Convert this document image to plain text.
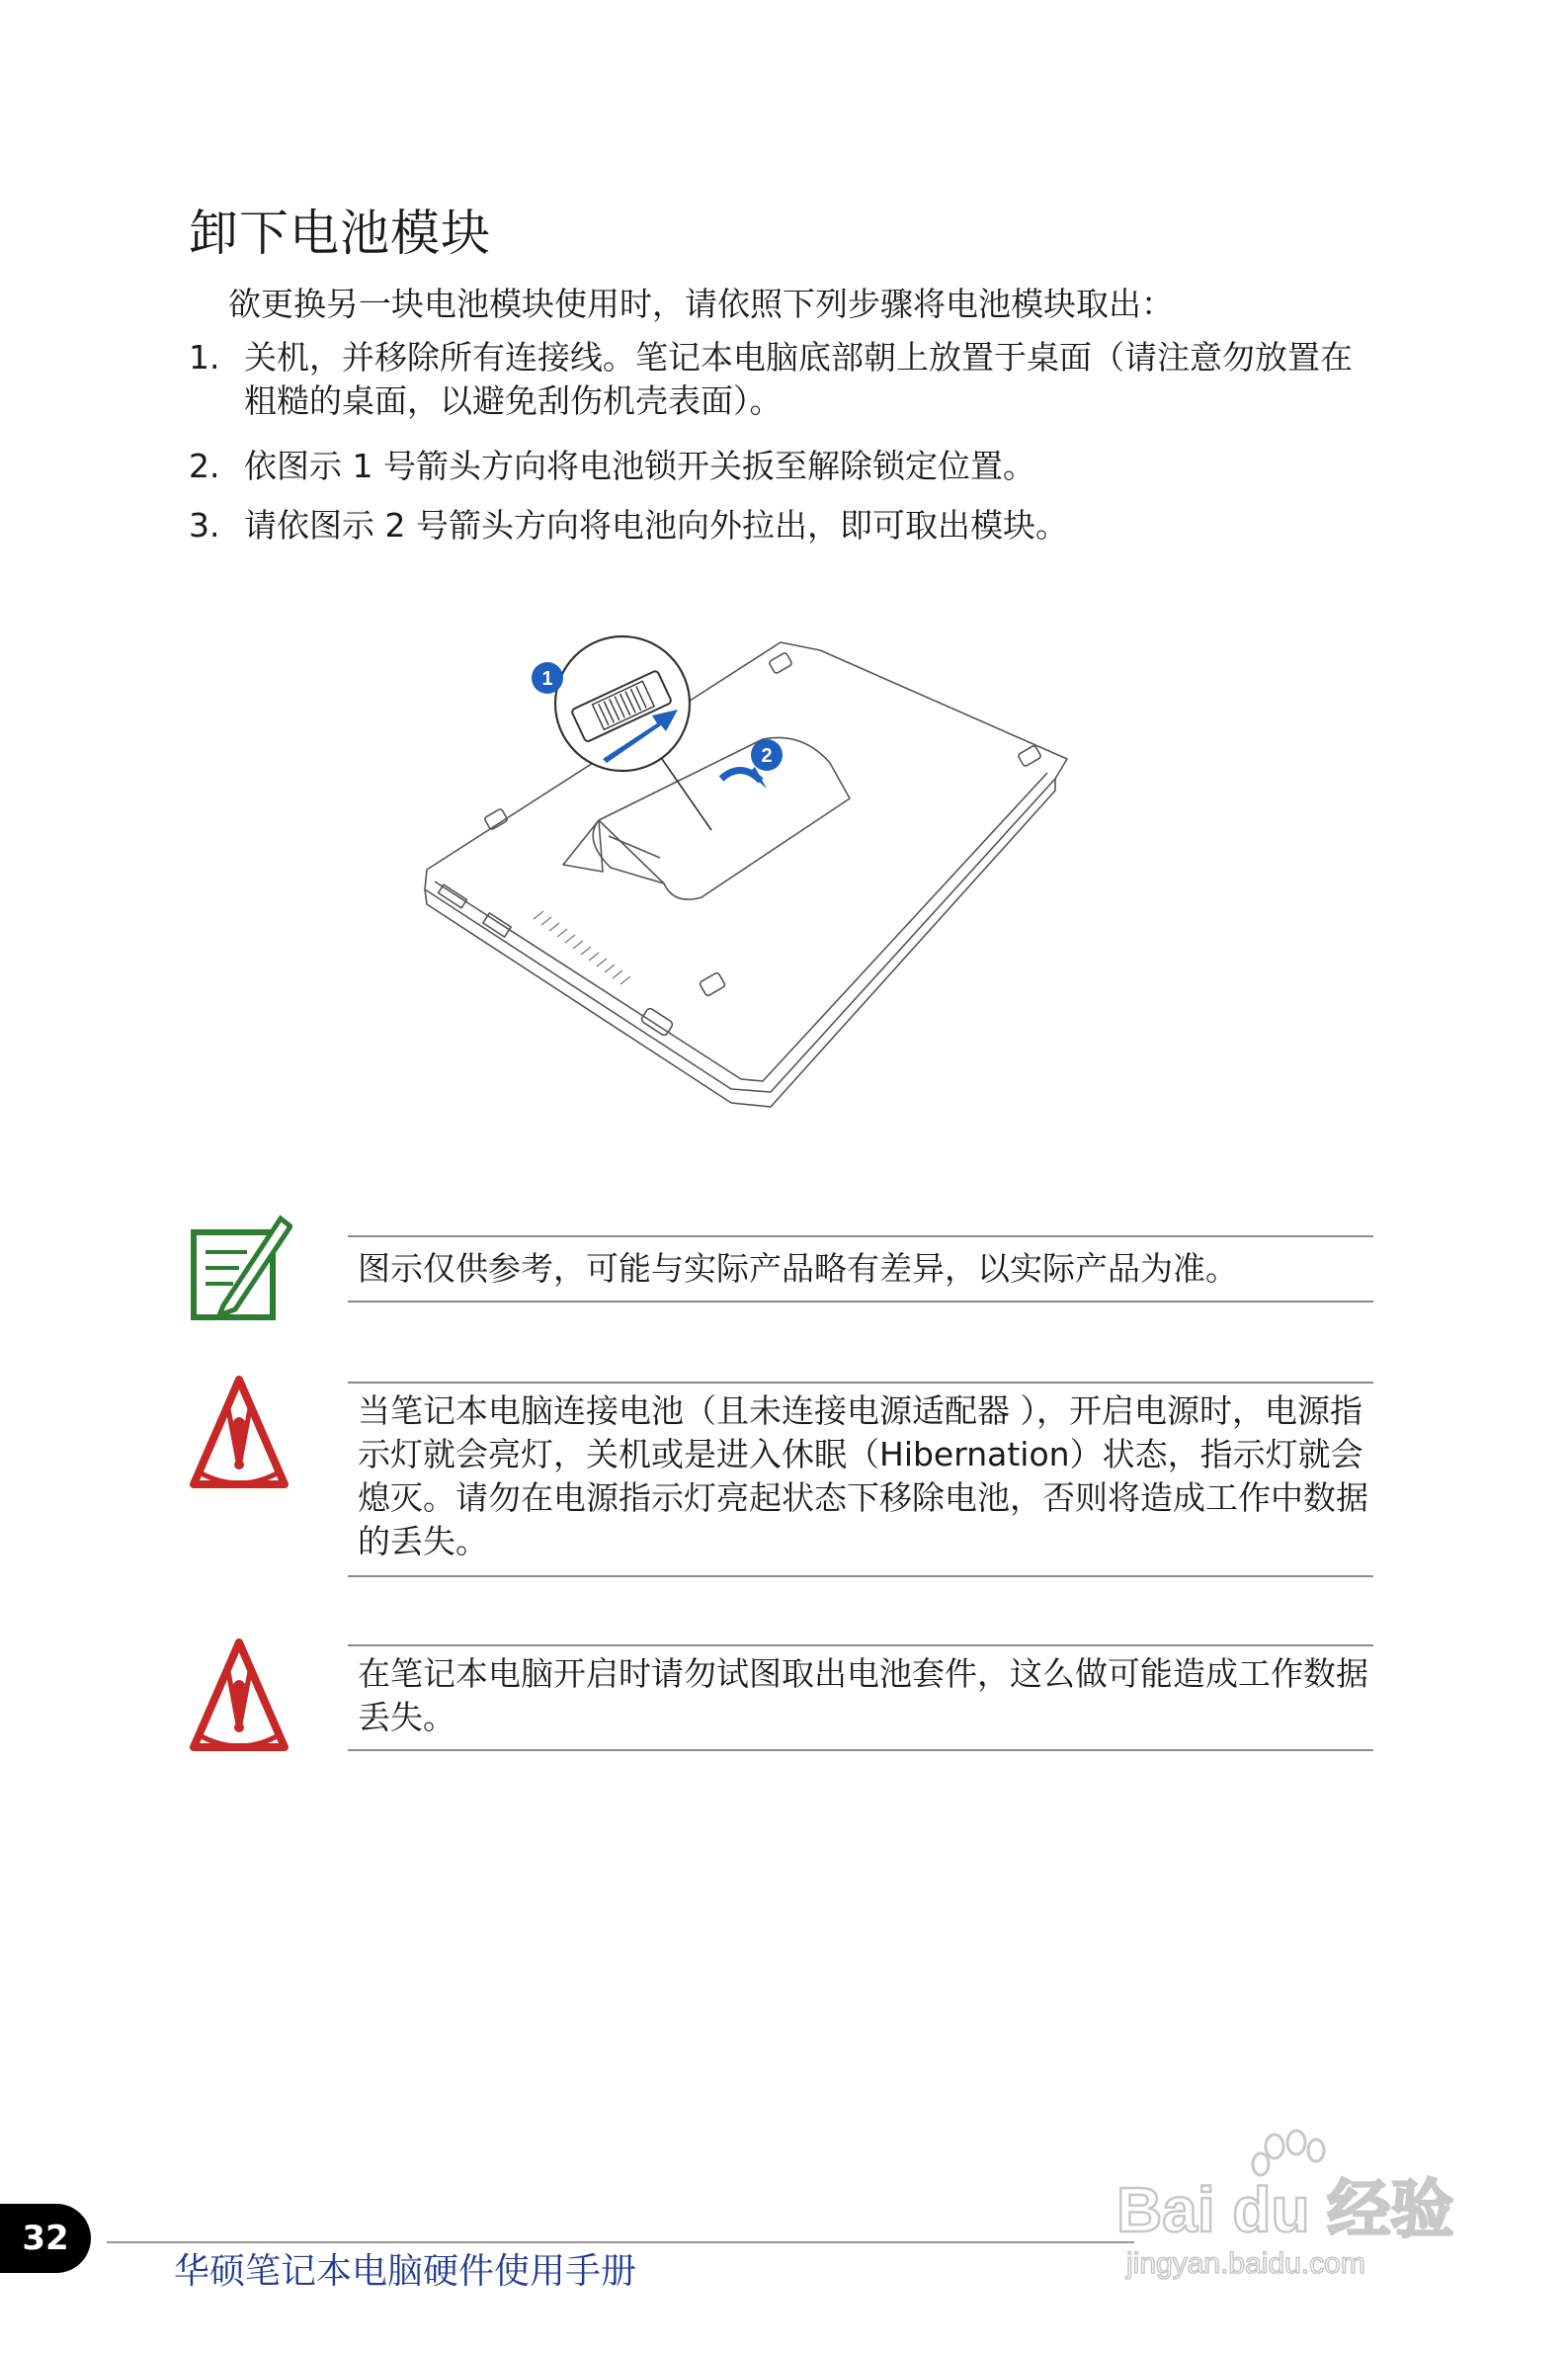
卸下电池模块
欲更换另一块电池模块使用时，请依照下列步骤将电池模块取出：
1. 关机，并移除所有连接线。笔记本电脑底部朝上放置于桌面（请注意勿放置在粗糙的桌面，以避免刮伤机壳表面）。
2. 依图示 1 号箭头方向将电池锁开关扳至解除锁定位置。
3. 请依图示 2 号箭头方向将电池向外拉出，即可取出模块。
1
2
图示仅供参考，可能与实际产品略有差异，以实际产品为准。
当笔记本电脑连接电池（且未连接电源适配器 ），开启电源时，电源指示灯就会亮灯，关机或是进入休眠（Hibernation）状态，指示灯就会熄灭。请勿在电源指示灯亮起状态下移除电池，否则将造成工作中数据的丢失。
在笔记本电脑开启时请勿试图取出电池套件，这么做可能造成工作数据丢失。
32
华硕笔记本电脑硬件使用手册
Bai du 经验
jingyan.baidu.com
